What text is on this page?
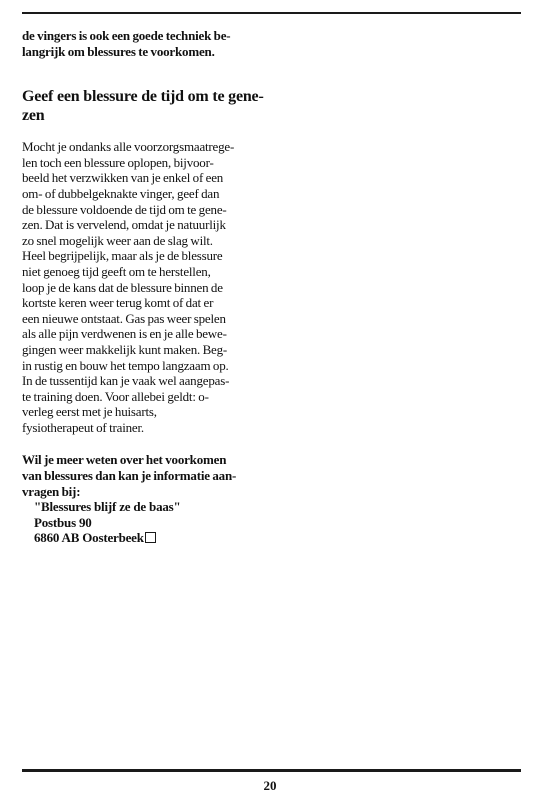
de vingers is ook een goede techniek be-
langrijk om blessures te voorkomen.

Geef een blessure de tijd om te gene-
zen

Mocht je ondanks alle voorzorgsmaatrege-
len toch een blessure oplopen, bijvoor-
beeld het verzwikken van je enkel of een
om- of dubbelgeknakte vinger, geef dan
de blessure voldoende de tijd om te gene-
zen. Dat is vervelend, omdat je natuurlijk
zo snel mogelijk weer aan de slag wilt.
Heel begrijpelijk, maar als je de blessure
niet genoeg tijd geeft om te herstellen,
loop je de kans dat de blessure binnen de
kortste keren weer terug komt of dat er
een nieuwe ontstaat. Gas pas weer spelen
als alle pijn verdwenen is en je alle bewe-
gingen weer makkelijk kunt maken. Beg-
in rustig en bouw het tempo langzaam op.
In de tussentijd kan je vaak wel aangepas-
te training doen. Voor allebei geldt: o-
verleg eerst met je huisarts,
fysiotherapeut of trainer.

Wil je meer weten over het voorkomen
van blessures dan kan je informatie aan-
vragen bij:

"Blessures blijf ze de baas"
Postbus 90
6860 AB Oosterbeek

20
